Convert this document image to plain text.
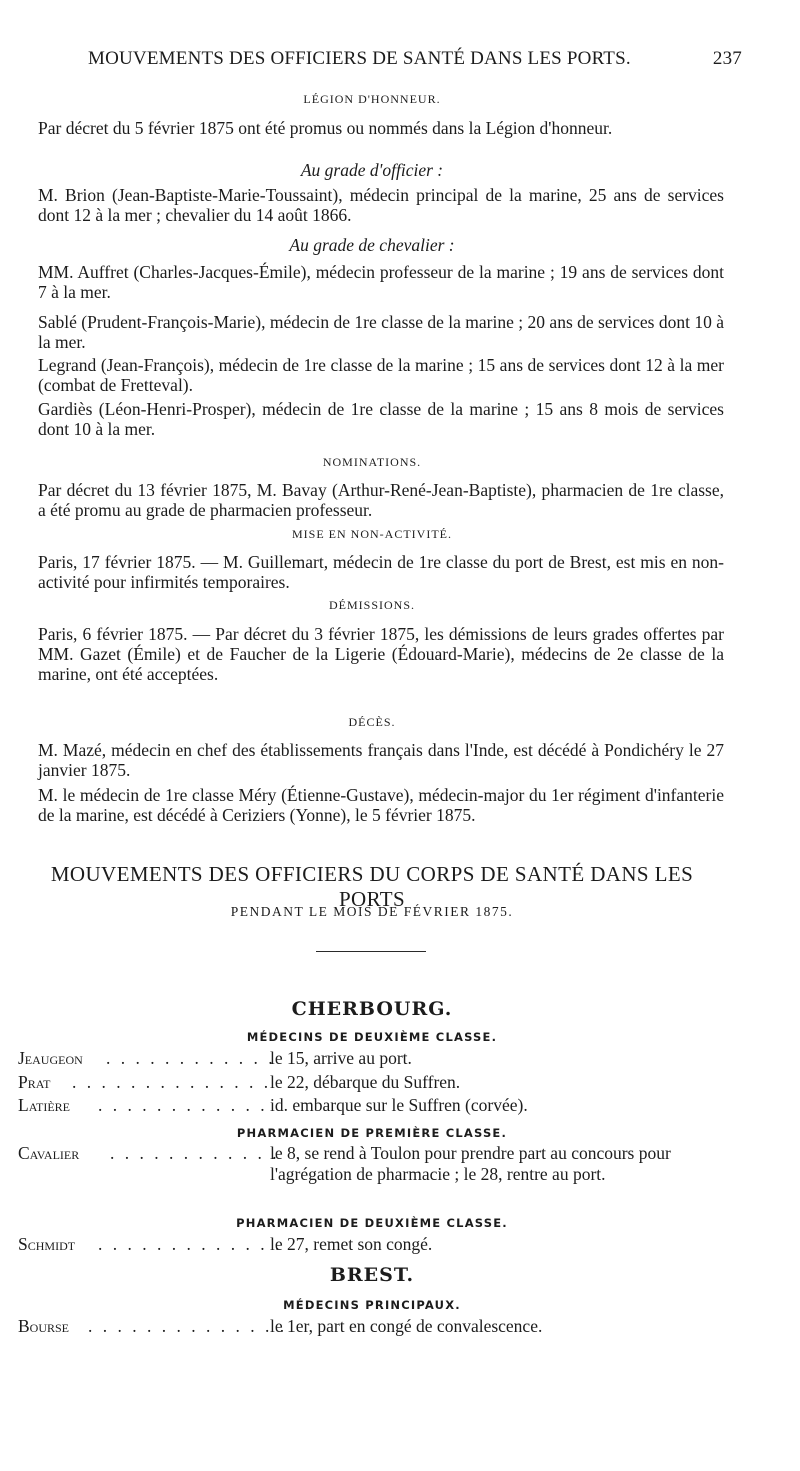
MOUVEMENTS DES OFFICIERS DE SANTÉ DANS LES PORTS.	237
LÉGION D'HONNEUR.
Par décret du 5 février 1875 ont été promus ou nommés dans la Légion d'honneur.
Au grade d'officier :
M. Brion (Jean-Baptiste-Marie-Toussaint), médecin principal de la marine, 25 ans de services dont 12 à la mer ; chevalier du 14 août 1866.
Au grade de chevalier :
MM. Auffret (Charles-Jacques-Émile), médecin professeur de la marine ; 19 ans de services dont 7 à la mer.
Sablé (Prudent-François-Marie), médecin de 1re classe de la marine ; 20 ans de services dont 10 à la mer.
Legrand (Jean-François), médecin de 1re classe de la marine ; 15 ans de services dont 12 à la mer (combat de Fretteval).
Gardiès (Léon-Henri-Prosper), médecin de 1re classe de la marine ; 15 ans 8 mois de services dont 10 à la mer.
NOMINATIONS.
Par décret du 13 février 1875, M. Bavay (Arthur-René-Jean-Baptiste), pharmacien de 1re classe, a été promu au grade de pharmacien professeur.
MISE EN NON-ACTIVITÉ.
Paris, 17 février 1875. — M. Guillemart, médecin de 1re classe du port de Brest, est mis en non-activité pour infirmités temporaires.
DÉMISSIONS.
Paris, 6 février 1875. — Par décret du 3 février 1875, les démissions de leurs grades offertes par MM. Gazet (Émile) et de Faucher de la Ligerie (Édouard-Marie), médecins de 2e classe de la marine, ont été acceptées.
DÉCÈS.
M. Mazé, médecin en chef des établissements français dans l'Inde, est décédé à Pondichéry le 27 janvier 1875.
M. le médecin de 1re classe Méry (Étienne-Gustave), médecin-major du 1er régiment d'infanterie de la marine, est décédé à Ceriziers (Yonne), le 5 février 1875.
MOUVEMENTS DES OFFICIERS DU CORPS DE SANTÉ DANS LES PORTS
PENDANT LE MOIS DE FÉVRIER 1875.
CHERBOURG.
MÉDECINS DE DEUXIÈME CLASSE.
Jeaugeon . . . . . . . . . . . .
le 15, arrive au port.
Prat . . . . . . . . . . . . . .
le 22, débarque du Suffren.
Latière . . . . . . . . . . . . id. embarque sur le Suffren (corvée).
PHARMACIEN DE PREMIÈRE CLASSE.
Cavalier . . . . . . . . . . . .
le 8, se rend à Toulon pour prendre part au concours pour l'agrégation de pharmacie ; le 28, rentre au port.
PHARMACIEN DE DEUXIÈME CLASSE.
Schmidt . . . . . . . . . . . . .
le 27, remet son congé.
BREST.
MÉDECINS PRINCIPAUX.
Bourse . . . . . . . . . . . . . .
le 1er, part en congé de convalescence.
